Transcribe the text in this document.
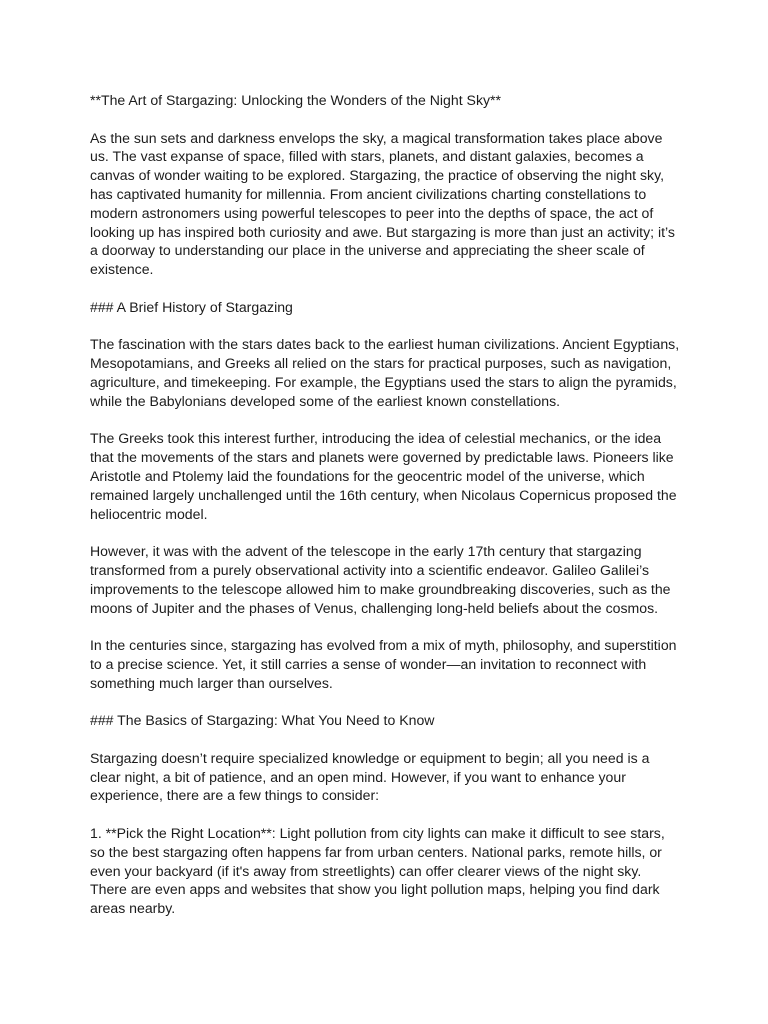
**The Art of Stargazing: Unlocking the Wonders of the Night Sky**

As the sun sets and darkness envelops the sky, a magical transformation takes place above us. The vast expanse of space, filled with stars, planets, and distant galaxies, becomes a canvas of wonder waiting to be explored. Stargazing, the practice of observing the night sky, has captivated humanity for millennia. From ancient civilizations charting constellations to modern astronomers using powerful telescopes to peer into the depths of space, the act of looking up has inspired both curiosity and awe. But stargazing is more than just an activity; it’s a doorway to understanding our place in the universe and appreciating the sheer scale of existence.

### A Brief History of Stargazing

The fascination with the stars dates back to the earliest human civilizations. Ancient Egyptians, Mesopotamians, and Greeks all relied on the stars for practical purposes, such as navigation, agriculture, and timekeeping. For example, the Egyptians used the stars to align the pyramids, while the Babylonians developed some of the earliest known constellations.

The Greeks took this interest further, introducing the idea of celestial mechanics, or the idea that the movements of the stars and planets were governed by predictable laws. Pioneers like Aristotle and Ptolemy laid the foundations for the geocentric model of the universe, which remained largely unchallenged until the 16th century, when Nicolaus Copernicus proposed the heliocentric model.

However, it was with the advent of the telescope in the early 17th century that stargazing transformed from a purely observational activity into a scientific endeavor. Galileo Galilei’s improvements to the telescope allowed him to make groundbreaking discoveries, such as the moons of Jupiter and the phases of Venus, challenging long-held beliefs about the cosmos.

In the centuries since, stargazing has evolved from a mix of myth, philosophy, and superstition to a precise science. Yet, it still carries a sense of wonder—an invitation to reconnect with something much larger than ourselves.

### The Basics of Stargazing: What You Need to Know

Stargazing doesn’t require specialized knowledge or equipment to begin; all you need is a clear night, a bit of patience, and an open mind. However, if you want to enhance your experience, there are a few things to consider:

1. **Pick the Right Location**: Light pollution from city lights can make it difficult to see stars, so the best stargazing often happens far from urban centers. National parks, remote hills, or even your backyard (if it's away from streetlights) can offer clearer views of the night sky. There are even apps and websites that show you light pollution maps, helping you find dark areas nearby.
